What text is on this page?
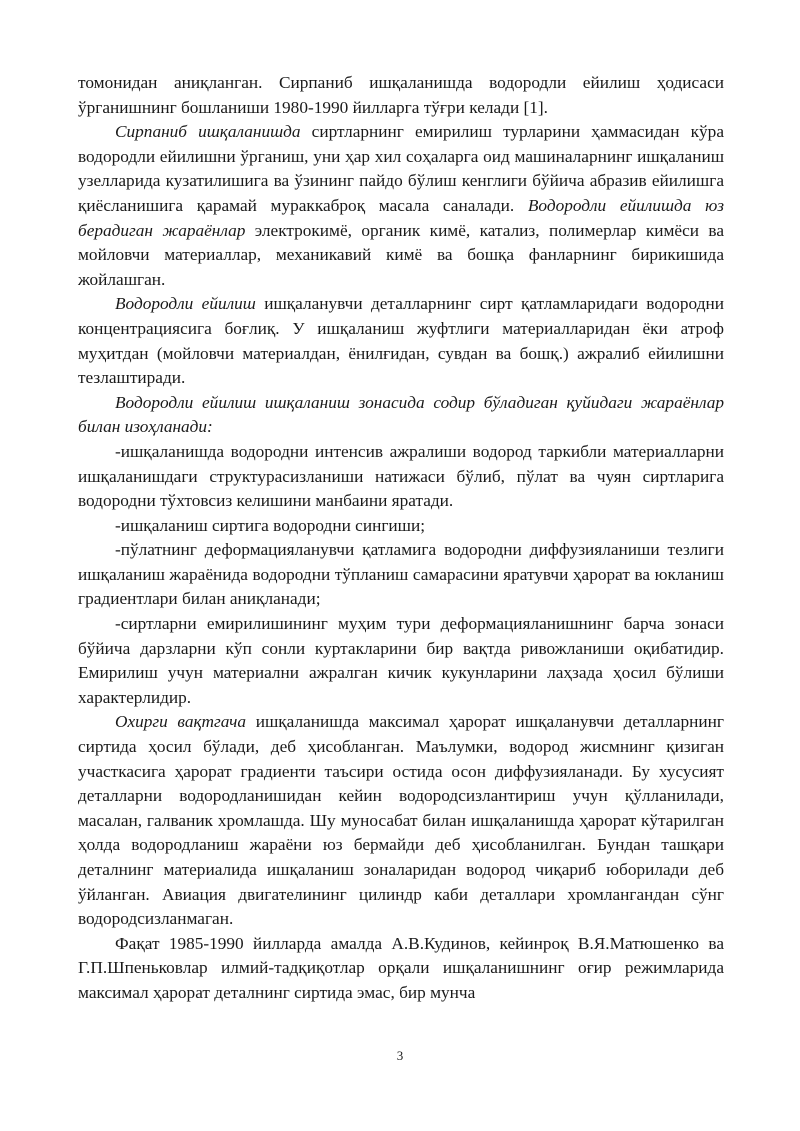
томонидан аниқланган. Сирпаниб ишқаланишда водородли ейилиш ҳодисаси ўрганишнинг бошланиши 1980-1990 йилларга тўғри келади [1].

Сирпаниб ишқаланишда сиртларнинг емирилиш турларини ҳаммасидан кўра водородли ейилишни ўрганиш, уни ҳар хил соҳаларга оид машиналарнинг ишқаланиш узелларида кузатилишига ва ўзининг пайдо бўлиш кенглиги бўйича абразив ейилишга қиёсланишига қарамай мураккаброқ масала саналади. Водородли ейилишда юз берадиган жараёнлар электрокимё, органик кимё, катализ, полимерлар кимёси ва мойловчи материаллар, механикавий кимё ва бошқа фанларнинг бирикишида жойлашган.

Водородли ейилиш ишқаланувчи деталларнинг сирт қатламларидаги водородни концентрациясига боғлиқ. У ишқаланиш жуфтлиги материалларидан ёки атроф муҳитдан (мойловчи материалдан, ёнилғидан, сувдан ва бошқ.) ажралиб ейилишни тезлаштиради.

Водородли ейилиш ишқаланиш зонасида содир бўладиган қуйидаги жараёнлар билан изоҳланади:

-ишқаланишда водородни интенсив ажралиши водород таркибли материалларни ишқаланишдаги структурасизланиши натижаси бўлиб, пўлат ва чуян сиртларига водородни тўхтовсиз келишини манбаини яратади.

-ишқаланиш сиртига водородни сингиши;

-пўлатнинг деформацияланувчи қатламига водородни диффузияланиши тезлиги ишқаланиш жараёнида водородни тўпланиш самарасини яратувчи ҳарорат ва юкланиш градиентлари билан аниқланади;

-сиртларни емирилишининг муҳим тури деформацияланишнинг барча зонаси бўйича дарзларни кўп сонли куртакларини бир вақтда ривожланиши оқибатидир. Емирилиш учун материални ажралган кичик кукунларини лаҳзада ҳосил бўлиши характерлидир.

Охирги вақтгача ишқаланишда максимал ҳарорат ишқаланувчи деталларнинг сиртида ҳосил бўлади, деб ҳисобланган. Маълумки, водород жисмнинг қизиган участкасига ҳарорат градиенти таъсири остида осон диффузияланади. Бу хусусият деталларни водородланишидан кейин водородсизлантириш учун қўлланилади, масалан, галваник хромлашда. Шу муносабат билан ишқаланишда ҳарорат кўтарилган ҳолда водородланиш жараёни юз бермайди деб ҳисобланилган. Бундан ташқари деталнинг материалида ишқаланиш зоналаридан водород чиқариб юборилади деб ўйланган. Авиация двигателининг цилиндр каби деталлари хромлангандан сўнг водородсизланмаган.

Фақат 1985-1990 йилларда амалда А.В.Кудинов, кейинроқ В.Я.Матюшенко ва Г.П.Шпеньковлар илмий-тадқиқотлар орқали ишқаланишнинг оғир режимларида максимал ҳарорат деталнинг сиртида эмас, бир мунча

3
